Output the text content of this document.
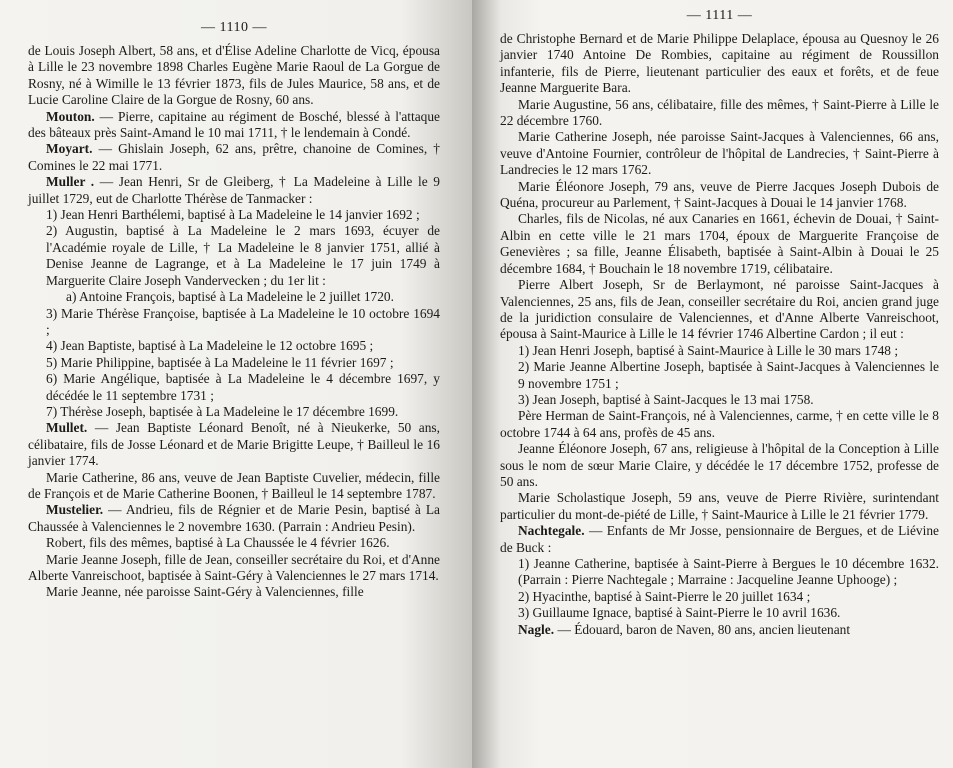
— 1110 —

de Louis Joseph Albert, 58 ans, et d'Élise Adeline Charlotte de Vicq, épousa à Lille le 23 novembre 1898 Charles Eugène Marie Raoul de La Gorgue de Rosny, né à Wimille le 13 février 1873, fils de Jules Maurice, 58 ans, et de Lucie Caroline Claire de la Gorgue de Rosny, 60 ans.

Mouton. — Pierre, capitaine au régiment de Bosché, blessé à l'attaque des bâteaux près Saint-Amand le 10 mai 1711, † le lendemain à Condé.

Moyart. — Ghislain Joseph, 62 ans, prêtre, chanoine de Comines, † Comines le 22 mai 1771.

Muller . — Jean Henri, Sr de Gleiberg, † La Madeleine à Lille le 9 juillet 1729, eut de Charlotte Thérèse de Tanmacker :

1) Jean Henri Barthélemi, baptisé à La Madeleine le 14 janvier 1692 ;

2) Augustin, baptisé à La Madeleine le 2 mars 1693, écuyer de l'Académie royale de Lille, † La Madeleine le 8 janvier 1751, allié à Denise Jeanne de Lagrange, et à La Madeleine le 17 juin 1749 à Marguerite Claire Joseph Vandervecken ; du 1er lit :

a) Antoine François, baptisé à La Madeleine le 2 juillet 1720.

3) Marie Thérèse Françoise, baptisée à La Madeleine le 10 octobre 1694 ;

4) Jean Baptiste, baptisé à La Madeleine le 12 octobre 1695 ;

5) Marie Philippine, baptisée à La Madeleine le 11 février 1697 ;

6) Marie Angélique, baptisée à La Madeleine le 4 décembre 1697, y décédée le 11 septembre 1731 ;

7) Thérèse Joseph, baptisée à La Madeleine le 17 décembre 1699.

Mullet. — Jean Baptiste Léonard Benoît, né à Nieukerke, 50 ans, célibataire, fils de Josse Léonard et de Marie Brigitte Leupe, † Bailleul le 16 janvier 1774.

Marie Catherine, 86 ans, veuve de Jean Baptiste Cuvelier, médecin, fille de François et de Marie Catherine Boonen, † Bailleul le 14 septembre 1787.

Mustelier. — Andrieu, fils de Régnier et de Marie Pesin, baptisé à La Chaussée à Valenciennes le 2 novembre 1630. (Parrain : Andrieu Pesin).

Robert, fils des mêmes, baptisé à La Chaussée le 4 février 1626.

Marie Jeanne Joseph, fille de Jean, conseiller secrétaire du Roi, et d'Anne Alberte Vanreischoot, baptisée à Saint-Géry à Valenciennes le 27 mars 1714.

Marie Jeanne, née paroisse Saint-Géry à Valenciennes, fille

— 1111 —

de Christophe Bernard et de Marie Philippe Delaplace, épousa au Quesnoy le 26 janvier 1740 Antoine De Rombies, capitaine au régiment de Roussillon infanterie, fils de Pierre, lieutenant particulier des eaux et forêts, et de feue Jeanne Marguerite Bara.

Marie Augustine, 56 ans, célibataire, fille des mêmes, † Saint-Pierre à Lille le 22 décembre 1760.

Marie Catherine Joseph, née paroisse Saint-Jacques à Valenciennes, 66 ans, veuve d'Antoine Fournier, contrôleur de l'hôpital de Landrecies, † Saint-Pierre à Landrecies le 12 mars 1762.

Marie Éléonore Joseph, 79 ans, veuve de Pierre Jacques Joseph Dubois de Quéna, procureur au Parlement, † Saint-Jacques à Douai le 14 janvier 1768.

Charles, fils de Nicolas, né aux Canaries en 1661, échevin de Douai, † Saint-Albin en cette ville le 21 mars 1704, époux de Marguerite Françoise de Genevières ; sa fille, Jeanne Élisabeth, baptisée à Saint-Albin à Douai le 25 décembre 1684, † Bouchain le 18 novembre 1719, célibataire.

Pierre Albert Joseph, Sr de Berlaymont, né paroisse Saint-Jacques à Valenciennes, 25 ans, fils de Jean, conseiller secrétaire du Roi, ancien grand juge de la juridiction consulaire de Valenciennes, et d'Anne Alberte Vanreischoot, épousa à Saint-Maurice à Lille le 14 février 1746 Albertine Cardon ; il eut :

1) Jean Henri Joseph, baptisé à Saint-Maurice à Lille le 30 mars 1748 ;

2) Marie Jeanne Albertine Joseph, baptisée à Saint-Jacques à Valenciennes le 9 novembre 1751 ;

3) Jean Joseph, baptisé à Saint-Jacques le 13 mai 1758.

Père Herman de Saint-François, né à Valenciennes, carme, † en cette ville le 8 octobre 1744 à 64 ans, profès de 45 ans.

Jeanne Éléonore Joseph, 67 ans, religieuse à l'hôpital de la Conception à Lille sous le nom de sœur Marie Claire, y décédée le 17 décembre 1752, professe de 50 ans.

Marie Scholastique Joseph, 59 ans, veuve de Pierre Rivière, surintendant particulier du mont-de-piété de Lille, † Saint-Maurice à Lille le 21 février 1779.

Nachtegale. — Enfants de Mr Josse, pensionnaire de Bergues, et de Liévine de Buck :

1) Jeanne Catherine, baptisée à Saint-Pierre à Bergues le 10 décembre 1632. (Parrain : Pierre Nachtegale ; Marraine : Jacqueline Jeanne Uphooge) ;

2) Hyacinthe, baptisé à Saint-Pierre le 20 juillet 1634 ;

3) Guillaume Ignace, baptisé à Saint-Pierre le 10 avril 1636.

Nagle. — Édouard, baron de Naven, 80 ans, ancien lieutenant
